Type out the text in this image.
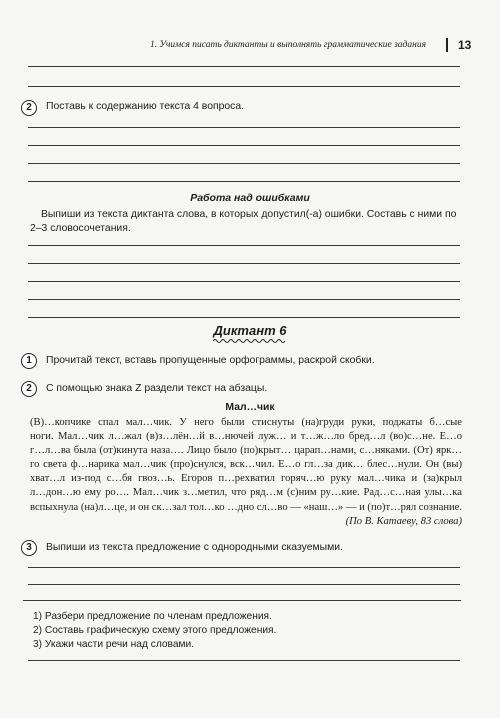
1. Учимся писать диктанты и выполнять грамматические задания	13
2	Поставь к содержанию текста 4 вопроса.
Работа над ошибками
Выпиши из текста диктанта слова, в которых допустил(-а) ошибки. Составь с ними по
2–3 словосочетания.
Диктант 6
1	Прочитай текст, вставь пропущенные орфограммы, раскрой скобки.
2	С помощью знака Z раздели текст на абзацы.
Мал…чик
(В)…копчике спал мал…чик. У него были стиснуты (на)груди руки, поджаты б…сые
ноги. Мал…чик л…жал (в)з…лён…й в…нючей луж… и т…ж…ло бред…л (во)с…не. Е…о
г…л…ва была (от)кинута наза…. Лицо было (по)крыт… царап…нами, с…няками. (От) ярк…
го света ф…нарика мал…чик (про)снулся, вск…чил. Е…о гл…за дик… блес…нули. Он (вы)
хват…л из-под с…бя гвоз…ь. Егоров п…реxватил горяч…ю руку мал…чика и (за)крыл
л…дон…ю ему ро…. Мал…чик з…метил, что ряд…м (с)ним ру…кие. Рад…с…ная улы…ка
вспыхнула (на)л…це, и он ск…зал тол…ко …дно сл…во — «наш…» — и (по)т…рял сознание.
(По В. Катаеву, 83 слова)

3	Выпиши из текста предложение с однородными сказуемыми.
1) Разбери предложение по членам предложения.
2) Составь графическую схему этого предложения.
3) Укажи части речи над словами.
